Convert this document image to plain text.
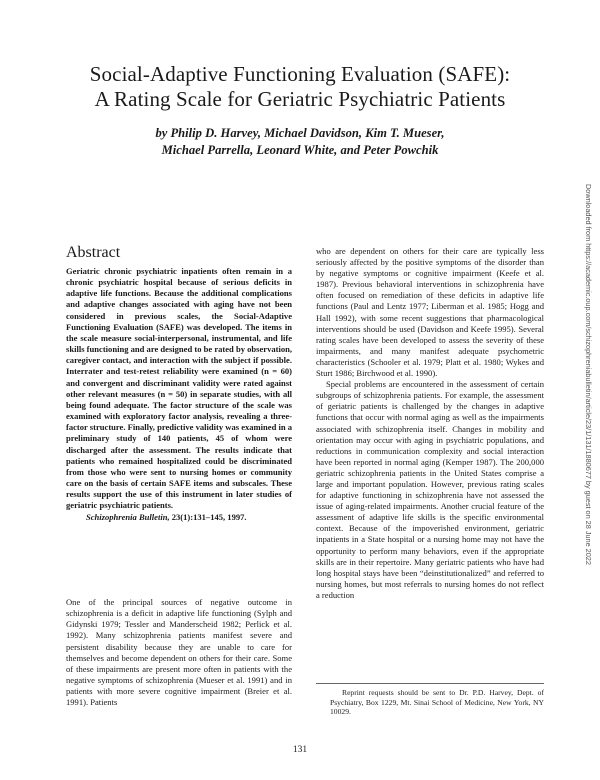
Social-Adaptive Functioning Evaluation (SAFE):
A Rating Scale for Geriatric Psychiatric Patients
by Philip D. Harvey, Michael Davidson, Kim T. Mueser,
Michael Parrella, Leonard White, and Peter Powchik
Abstract

Geriatric chronic psychiatric inpatients often remain in a chronic psychiatric hospital because of serious deficits in adaptive life functions. Because the additional complications and adaptive changes associated with aging have not been considered in previous scales, the Social-Adaptive Functioning Evaluation (SAFE) was developed. The items in the scale measure social-interpersonal, instrumental, and life skills functioning and are designed to be rated by observation, caregiver contact, and interaction with the subject if possible. Interrater and test-retest reliability were examined (n = 60) and convergent and discriminant validity were rated against other relevant measures (n = 50) in separate studies, with all being found adequate. The factor structure of the scale was examined with exploratory factor analysis, revealing a three-factor structure. Finally, predictive validity was examined in a preliminary study of 140 patients, 45 of whom were discharged after the assessment. The results indicate that patients who remained hospitalized could be discriminated from those who were sent to nursing homes or community care on the basis of certain SAFE items and subscales. These results support the use of this instrument in later studies of geriatric psychiatric patients.

Schizophrenia Bulletin, 23(1):131–145, 1997.

One of the principal sources of negative outcome in schizophrenia is a deficit in adaptive life functioning (Sylph and Gidynski 1979; Tessler and Manderscheid 1982; Perlick et al. 1992). Many schizophrenia patients manifest severe and persistent disability because they are unable to care for themselves and become dependent on others for their care. Some of these impairments are present more often in patients with the negative symptoms of schizophrenia (Mueser et al. 1991) and in patients with more severe cognitive impairment (Breier et al. 1991). Patients

who are dependent on others for their care are typically less seriously affected by the positive symptoms of the disorder than by negative symptoms or cognitive impairment (Keefe et al. 1987). Previous behavioral interventions in schizophrenia have often focused on remediation of these deficits in adaptive life functions (Paul and Lentz 1977; Liberman et al. 1985; Hogg and Hall 1992), with some recent suggestions that pharmacological interventions should be used (Davidson and Keefe 1995). Several rating scales have been developed to assess the severity of these impairments, and many manifest adequate psychometric characteristics (Schooler et al. 1979; Platt et al. 1980; Wykes and Sturt 1986; Birchwood et al. 1990).

Special problems are encountered in the assessment of certain subgroups of schizophrenia patients. For example, the assessment of geriatric patients is challenged by the changes in adaptive functions that occur with normal aging as well as the impairments associated with schizophrenia itself. Changes in mobility and orientation may occur with aging in psychiatric populations, and reductions in communication complexity and social interaction have been reported in normal aging (Kemper 1987). The 200,000 geriatric schizophrenia patients in the United States comprise a large and important population. However, previous rating scales for adaptive functioning in schizophrenia have not assessed the issue of aging-related impairments. Another crucial feature of the assessment of adaptive life skills is the specific environmental context. Because of the impoverished environment, geriatric inpatients in a State hospital or a nursing home may not have the opportunity to perform many behaviors, even if the appropriate skills are in their repertoire. Many geriatric patients who have had long hospital stays have been “deinstitutionalized” and referred to nursing homes, but most referrals to nursing homes do not reflect a reduction

Reprint requests should be sent to Dr. P.D. Harvey, Dept. of Psychiatry, Box 1229, Mt. Sinai School of Medicine, New York, NY 10029.
131
Downloaded from https://academic.oup.com/schizophreniabulletin/article/23/1/131/1880677 by guest on 28 June 2022
